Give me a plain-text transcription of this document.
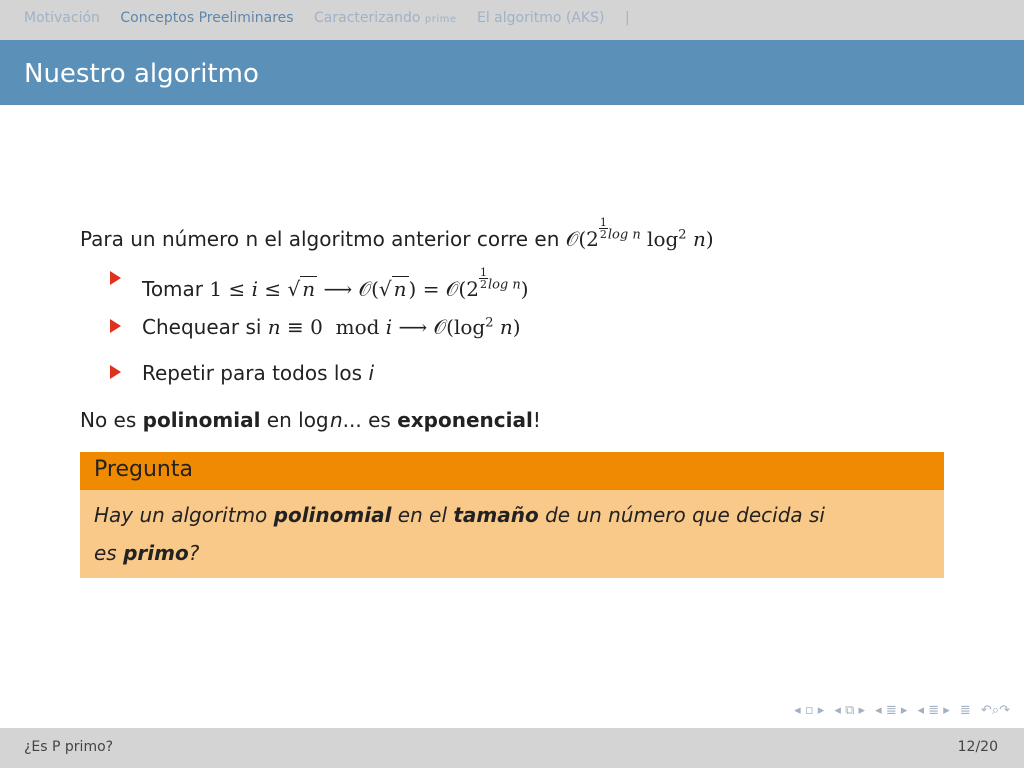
Motivación Conceptos Preeliminares Caracterizando prime El algoritmo (AKS) |
Nuestro algoritmo
Para un número n el algoritmo anterior corre en 𝒪(2 $\frac{1}{2} ^{log n}$ $\log^2 n$)
Tomar 1 ≤ i ≤ √ n ⟶ 𝒪(√ n ) = 𝒪(2 $\frac{1}{2} ^{log n}$)
Chequear si n ≡ 0  mod i ⟶ $𝒪(\log^2$ n)
Repetir para todos los i
No es polinomial en log n... es exponencial!
Pregunta
Hay un algoritmo polinomial en el tamaño de un número que decida si
es primo?
◂ ▫ ▸ ◂ ⧉ ▸ ◂ ≣ ▸ ◂ ≣ ▸ ≣ ↶⌕↷
¿Es P primo?	12/20
